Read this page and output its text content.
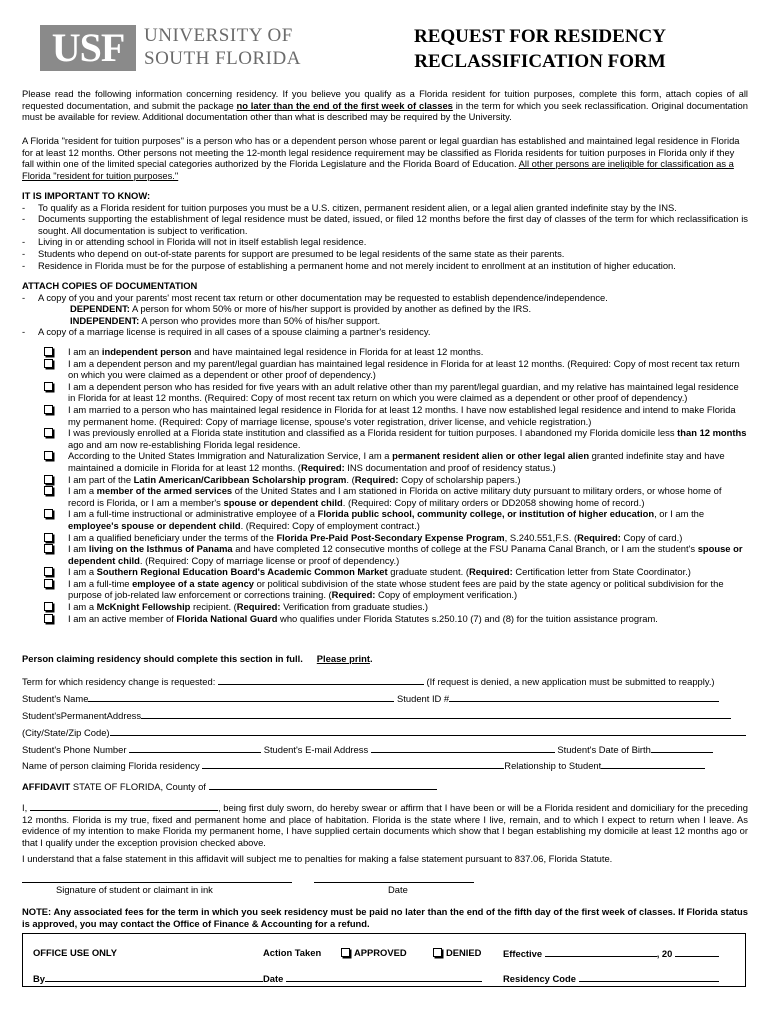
USF	UNIVERSITY OF
SOUTH FLORIDA
REQUEST FOR RESIDENCY
RECLASSIFICATION FORM
Please read the following information concerning residency. If you believe you qualify as a Florida resident for tuition purposes, complete this form, attach copies of all requested documentation, and submit the package no later than the end of the first week of classes in the term for which you seek reclassification. Original documentation must be available for review. Additional documentation other than what is described may be required by the University.
A Florida "resident for tuition purposes" is a person who has or a dependent person whose parent or legal guardian has established and maintained legal residence in Florida for at least 12 months. Other persons not meeting the 12-month legal residence requirement may be classified as Florida residents for tuition purposes in Florida only if they fall within one of the limited special categories authorized by the Florida Legislature and the Florida Board of Education. All other persons are ineligible for classification as a Florida "resident for tuition purposes."
IT IS IMPORTANT TO KNOW:
- To qualify as a Florida resident for tuition purposes you must be a U.S. citizen, permanent resident alien, or a legal alien granted indefinite stay by the INS.
- Documents supporting the establishment of legal residence must be dated, issued, or filed 12 months before the first day of classes of the term for which reclassification is sought. All documentation is subject to verification.
- Living in or attending school in Florida will not in itself establish legal residence.
- Students who depend on out-of-state parents for support are presumed to be legal residents of the same state as their parents.
- Residence in Florida must be for the purpose of establishing a permanent home and not merely incident to enrollment at an institution of higher education.
ATTACH COPIES OF DOCUMENTATION
- A copy of you and your parents' most recent tax return or other documentation may be requested to establish dependence/independence.
DEPENDENT: A person for whom 50% or more of his/her support is provided by another as defined by the IRS.
INDEPENDENT: A person who provides more than 50% of his/her support.
- A copy of a marriage license is required in all cases of a spouse claiming a partner's residency.
I am an independent person and have maintained legal residence in Florida for at least 12 months.
I am a dependent person and my parent/legal guardian has maintained legal residence in Florida for at least 12 months. (Required: Copy of most recent tax return on which you were claimed as a dependent or other proof of dependency.)
I am a dependent person who has resided for five years with an adult relative other than my parent/legal guardian, and my relative has maintained legal residence in Florida for at least 12 months. (Required: Copy of most recent tax return on which you were claimed as a dependent or other proof of dependency.)
I am married to a person who has maintained legal residence in Florida for at least 12 months. I have now established legal residence and intend to make Florida my permanent home. (Required: Copy of marriage license, spouse's voter registration, driver license, and vehicle registration.)
I was previously enrolled at a Florida state institution and classified as a Florida resident for tuition purposes. I abandoned my Florida domicile less than 12 months ago and am now re-establishing Florida legal residence.
According to the United States Immigration and Naturalization Service, I am a permanent resident alien or other legal alien granted indefinite stay and have maintained a domicile in Florida for at least 12 months. (Required: INS documentation and proof of residency status.)
I am part of the Latin American/Caribbean Scholarship program. (Required: Copy of scholarship papers.)
I am a member of the armed services of the United States and I am stationed in Florida on active military duty pursuant to military orders, or whose home of record is Florida, or I am a member's spouse or dependent child. (Required: Copy of military orders or DD2058 showing home of record.)
I am a full-time instructional or administrative employee of a Florida public school, community college, or institution of higher education, or I am the employee's spouse or dependent child. (Required: Copy of employment contract.)
I am a qualified beneficiary under the terms of the Florida Pre-Paid Post-Secondary Expense Program, S.240.551,F.S. (Required: Copy of card.)
I am living on the Isthmus of Panama and have completed 12 consecutive months of college at the FSU Panama Canal Branch, or I am the student's spouse or dependent child. (Required: Copy of marriage license or proof of dependency.)
I am a Southern Regional Education Board's Academic Common Market graduate student. (Required: Certification letter from State Coordinator.)
I am a full-time employee of a state agency or political subdivision of the state whose student fees are paid by the state agency or political subdivision for the purpose of job-related law enforcement or corrections training. (Required: Copy of employment verification.)
I am a McKnight Fellowship recipient. (Required: Verification from graduate studies.)
I am an active member of Florida National Guard who qualifies under Florida Statutes s.250.10 (7) and (8) for the tuition assistance program.
Person claiming residency should complete this section in full. Please print.
Term for which residency change is requested:	(If request is denied, a new application must be submitted to reapply.)
Student's Name	Student ID #
Student'sPermanentAddress
(City/State/Zip Code)
Student's Phone Number	Student's E-mail Address	Student's Date of Birth
Name of person claiming Florida residency	Relationship to Student
AFFIDAVIT STATE OF FLORIDA, County of
I,	, being first duly sworn, do hereby swear or affirm that I have been or will be a Florida resident and domiciliary for the preceding 12 months. Florida is my true, fixed and permanent home and place of habitation. Florida is the state where I live, remain, and to which I expect to return when I leave. As evidence of my intention to make Florida my permanent home, I have supplied certain documents which show that I began establishing my domicile at least 12 months ago or that I qualify under the exception provision checked above.
I understand that a false statement in this affidavit will subject me to penalties for making a false statement pursuant to 837.06, Florida Statute.
Signature of student or claimant in ink	Date
NOTE: Any associated fees for the term in which you seek residency must be paid no later than the end of the fifth day of the first week of classes. If Florida status is approved, you may contact the Office of Finance & Accounting for a refund.
OFFICE USE ONLY	Action Taken	APPROVED	DENIED Effective	, 20
By	Date	Residency Code
